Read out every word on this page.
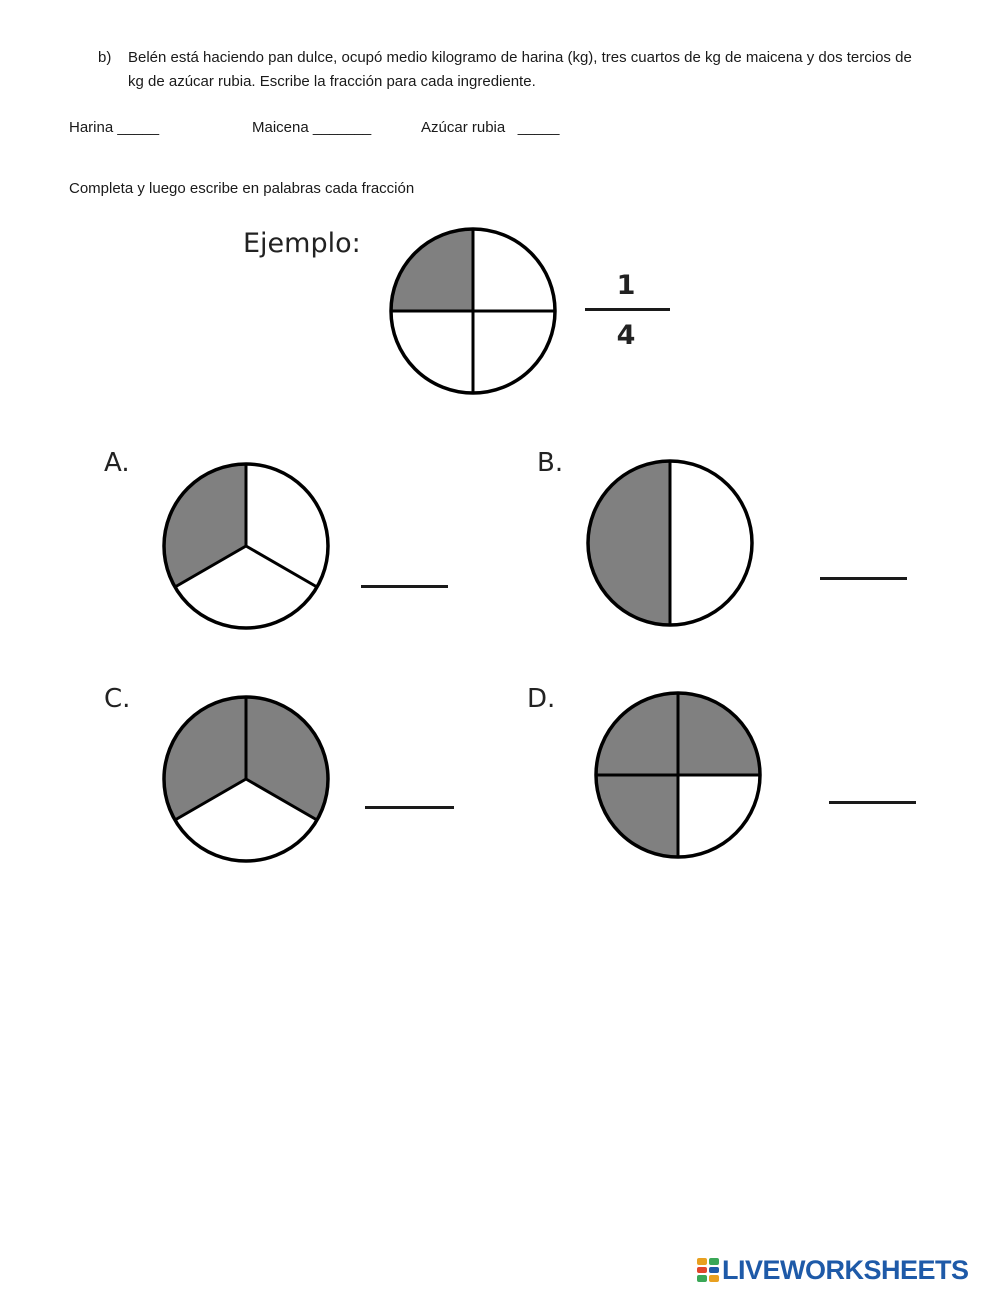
b) Belén está haciendo pan dulce, ocupó medio kilogramo de harina (kg), tres cuartos de kg de maicena y dos tercios de kg de azúcar rubia. Escribe la fracción para cada ingrediente.
Harina _____	Maicena _______	Azúcar rubia   _____
Completa y luego escribe en palabras cada fracción
Ejemplo:
1
4
A.	B.
C.	D.
LIVEWORKSHEETS
